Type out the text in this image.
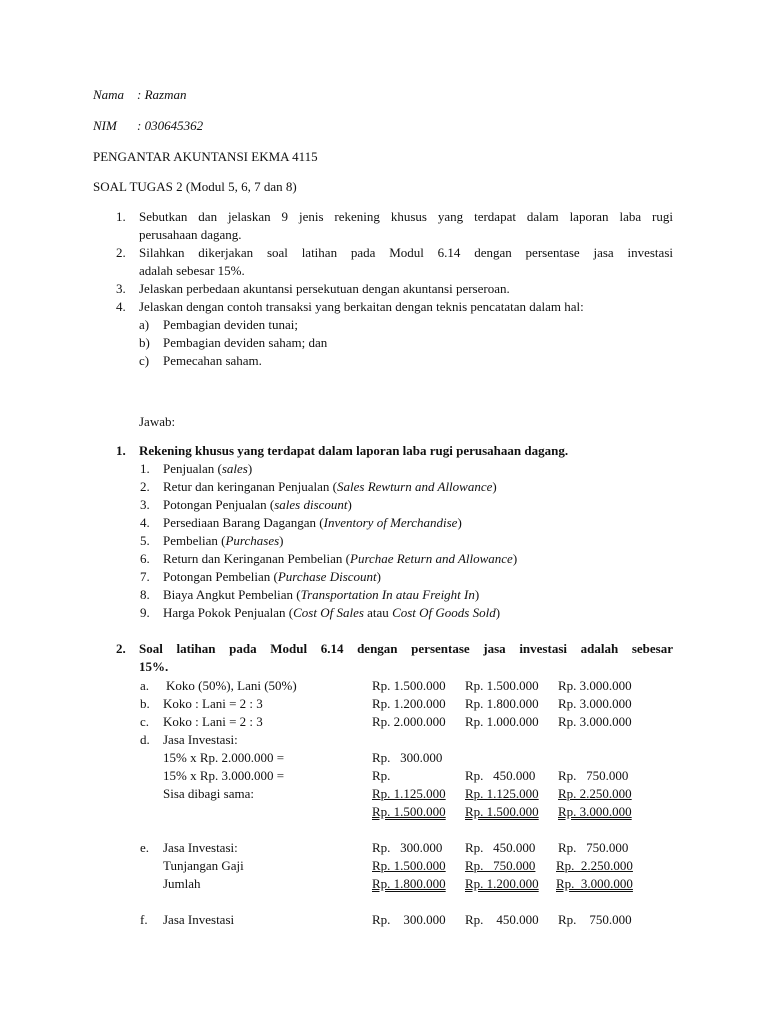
Nama : Razman
NIM : 030645362
PENGANTAR AKUNTANSI EKMA 4115
SOAL TUGAS 2 (Modul 5, 6, 7 dan 8)
1. Sebutkan dan jelaskan 9 jenis rekening khusus yang terdapat dalam laporan laba rugi
perusahaan dagang.
2. Silahkan dikerjakan soal latihan pada Modul 6.14 dengan persentase jasa investasi
adalah sebesar 15%.
3. Jelaskan perbedaan akuntansi persekutuan dengan akuntansi perseroan.
4. Jelaskan dengan contoh transaksi yang berkaitan dengan teknis pencatatan dalam hal:
a) Pembagian deviden tunai;
b) Pembagian deviden saham; dan
c) Pemecahan saham.
Jawab:
1. Rekening khusus yang terdapat dalam laporan laba rugi perusahaan dagang.
1. Penjualan (sales)
2. Retur dan keringanan Penjualan (Sales Rewturn and Allowance)
3. Potongan Penjualan (sales discount)
4. Persediaan Barang Dagangan (Inventory of Merchandise)
5. Pembelian (Purchases)
6. Return dan Keringanan Pembelian (Purchae Return and Allowance)
7. Potongan Pembelian (Purchase Discount)
8. Biaya Angkut Pembelian (Transportation In atau Freight In)
9. Harga Pokok Penjualan (Cost Of Sales atau Cost Of Goods Sold)
2. Soal latihan pada Modul 6.14 dengan persentase jasa investasi adalah sebesar
15%.
a. Koko (50%), Lani (50%)	Rp. 1.500.000 Rp. 1.500.000 Rp. 3.000.000
b. Koko : Lani = 2 : 3	Rp. 1.200.000 Rp. 1.800.000 Rp. 3.000.000
c. Koko : Lani = 2 : 3	Rp. 2.000.000 Rp. 1.000.000 Rp. 3.000.000
d. Jasa Investasi:
15% x Rp. 2.000.000 =	Rp.   300.000
15% x Rp. 3.000.000 =	Rp.	Rp.   450.000 Rp.   750.000
Sisa dibagi sama:	Rp. 1.125.000 Rp. 1.125.000 Rp. 2.250.000
Rp. 1.500.000 Rp. 1.500.000 Rp. 3.000.000
e. Jasa Investasi:	Rp.   300.000 Rp.   450.000 Rp.   750.000
Tunjangan Gaji	Rp. 1.500.000 Rp.   750.000 Rp.  2.250.000
Jumlah	Rp. 1.800.000 Rp. 1.200.000 Rp.  3.000.000
f. Jasa Investasi	Rp.    300.000 Rp.    450.000 Rp.    750.000
